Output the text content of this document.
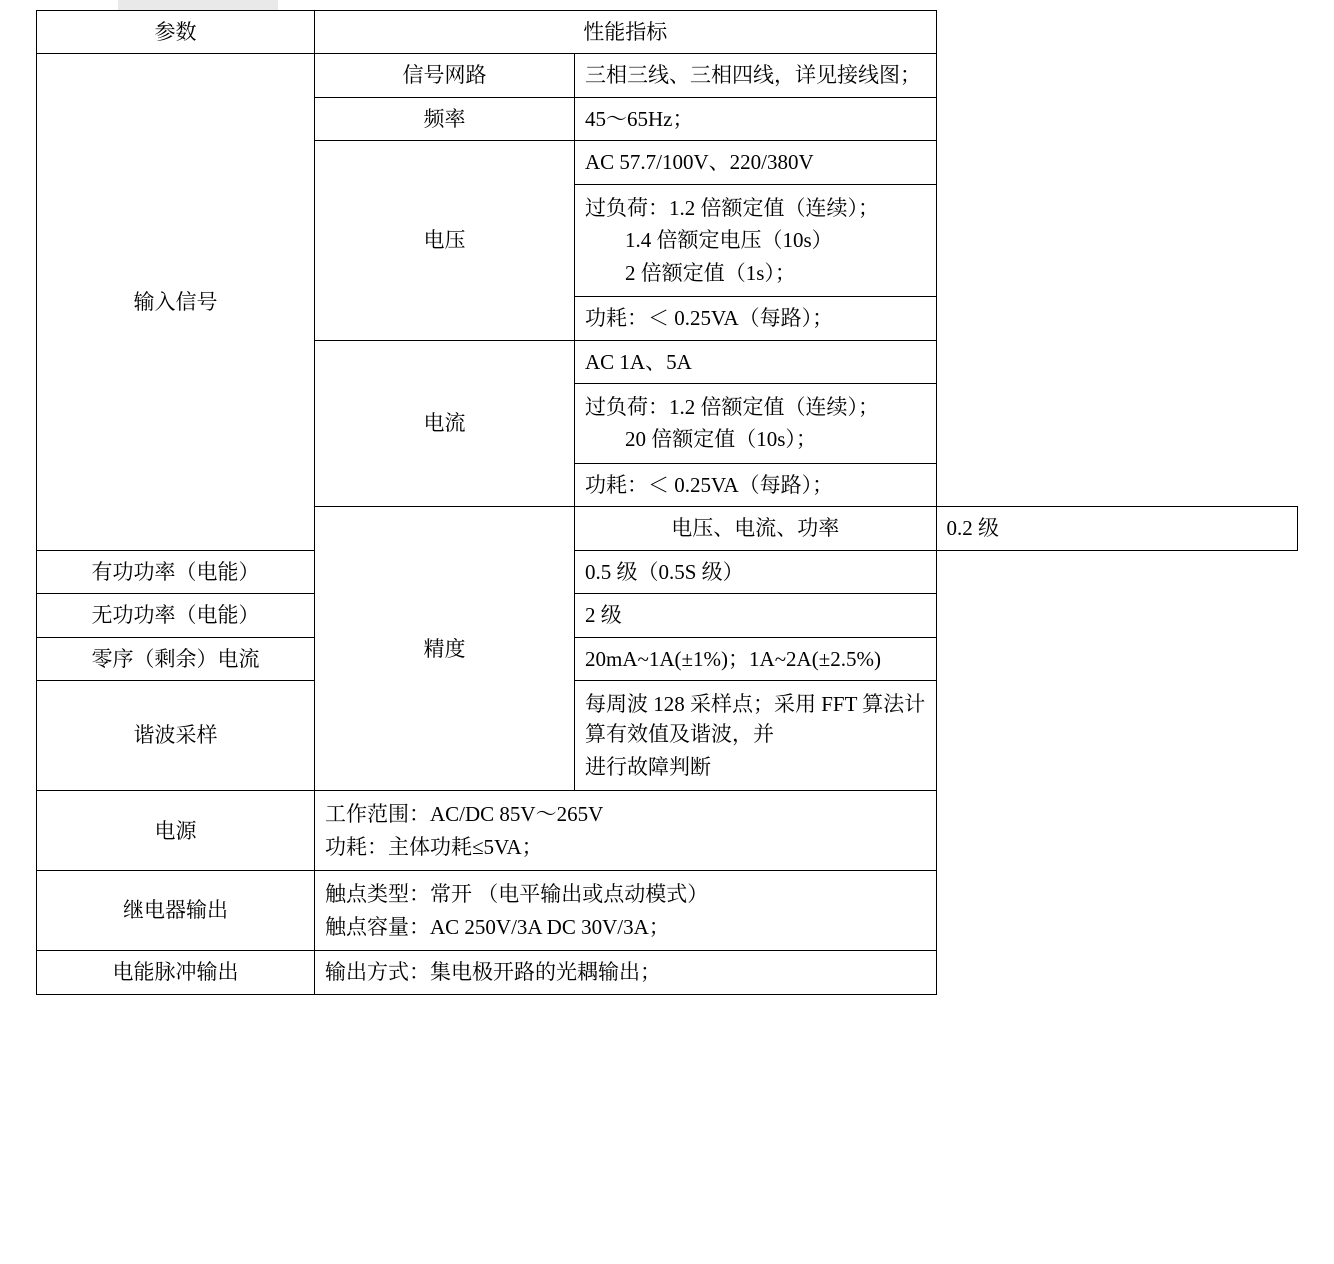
参数	性能指标		
输入信号	信号网路	三相三线、三相四线，详见接线图；	
	频率	45～65Hz；	
	电压	AC 57.7/100V、220/380V	

		过负荷：1.2 倍额定值（连续）；
1.4 倍额定电压（10s）
2 倍额定值（1s）；	

		功耗：＜ 0.25VA（每路）；	
	电流	AC 1A、5A	

		过负荷：1.2 倍额定值（连续）；
20 倍额定值（10s）；	

		功耗：＜ 0.25VA（每路）；	
	精度	电压、电流、功率	0.2 级
有功功率（电能）		0.5 级（0.5S 级）	
无功功率（电能）		2 级	
零序（剩余）电流		20mA~1A(±1%)；1A~2A(±2.5%)	
谐波采样		每周波 128 采样点；采用 FFT 算法计算有效值及谐波，并
进行故障判断	

电源	工作范围：AC/DC 85V～265V
功耗：主体功耗≤5VA；		

继电器输出	触点类型：常开 （电平输出或点动模式）
触点容量：AC 250V/3A DC 30V/3A；		

电能脉冲输出	输出方式：集电极开路的光耦输出；		
